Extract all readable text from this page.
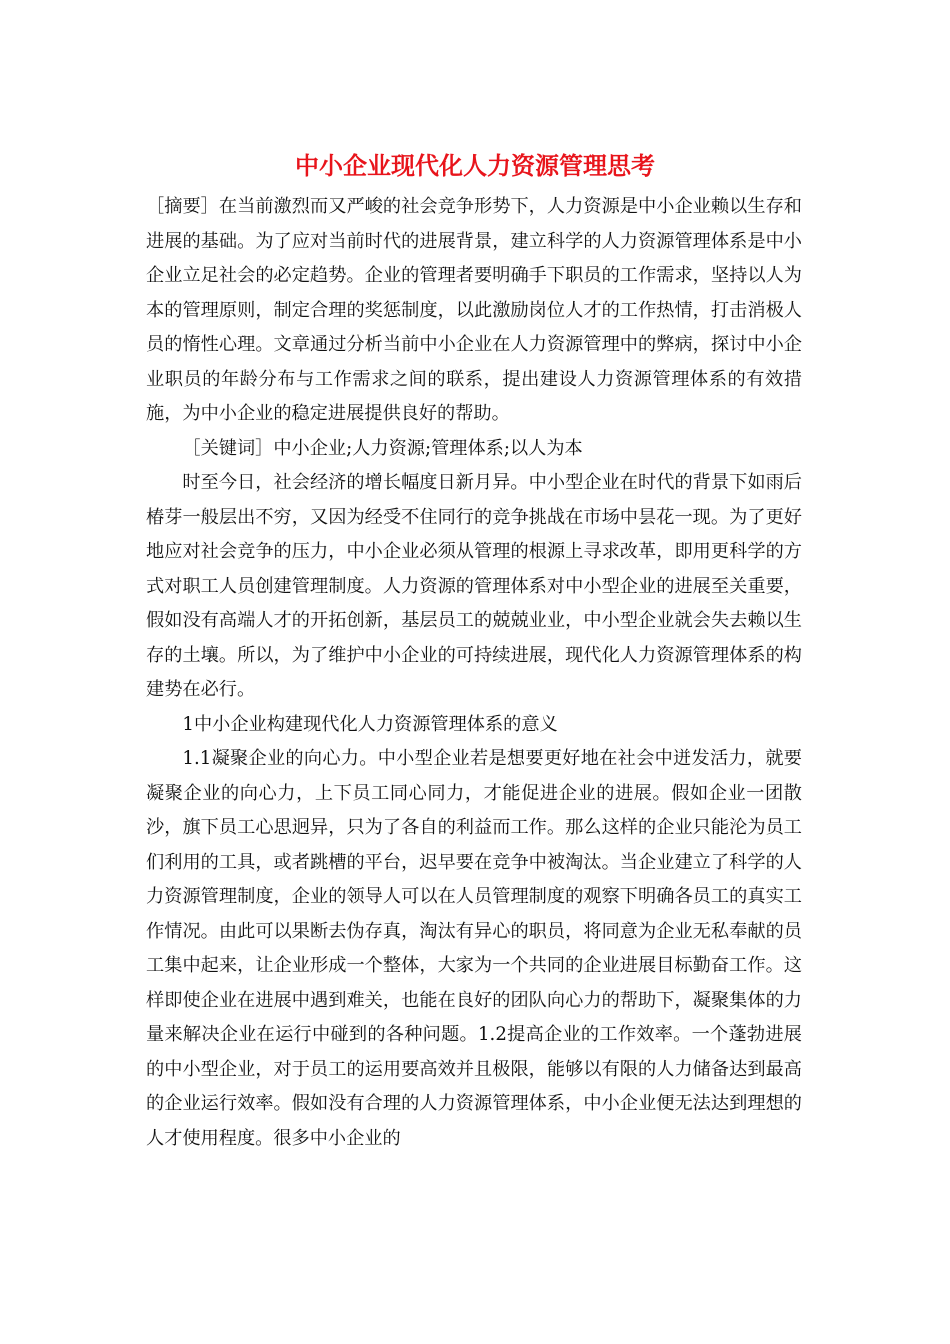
中小企业现代化人力资源管理思考

［摘要］在当前激烈而又严峻的社会竞争形势下，人力资源是中小企业赖以生存和进展的基础。为了应对当前时代的进展背景，建立科学的人力资源管理体系是中小企业立足社会的必定趋势。企业的管理者要明确手下职员的工作需求，坚持以人为本的管理原则，制定合理的奖惩制度，以此激励岗位人才的工作热情，打击消极人员的惰性心理。文章通过分析当前中小企业在人力资源管理中的弊病，探讨中小企业职员的年龄分布与工作需求之间的联系，提出建设人力资源管理体系的有效措施，为中小企业的稳定进展提供良好的帮助。

［关键词］中小企业;人力资源;管理体系;以人为本

时至今日，社会经济的增长幅度日新月异。中小型企业在时代的背景下如雨后椿芽一般层出不穷，又因为经受不住同行的竞争挑战在市场中昙花一现。为了更好地应对社会竞争的压力，中小企业必须从管理的根源上寻求改革，即用更科学的方式对职工人员创建管理制度。人力资源的管理体系对中小型企业的进展至关重要，假如没有高端人才的开拓创新，基层员工的兢兢业业，中小型企业就会失去赖以生存的土壤。所以，为了维护中小企业的可持续进展，现代化人力资源管理体系的构建势在必行。

1中小企业构建现代化人力资源管理体系的意义

1.1凝聚企业的向心力。中小型企业若是想要更好地在社会中迸发活力，就要凝聚企业的向心力，上下员工同心同力，才能促进企业的进展。假如企业一团散沙，旗下员工心思迥异，只为了各自的利益而工作。那么这样的企业只能沦为员工们利用的工具，或者跳槽的平台，迟早要在竞争中被淘汰。当企业建立了科学的人力资源管理制度，企业的领导人可以在人员管理制度的观察下明确各员工的真实工作情况。由此可以果断去伪存真，淘汰有异心的职员，将同意为企业无私奉献的员工集中起来，让企业形成一个整体，大家为一个共同的企业进展目标勤奋工作。这样即使企业在进展中遇到难关，也能在良好的团队向心力的帮助下，凝聚集体的力量来解决企业在运行中碰到的各种问题。1.2提高企业的工作效率。一个蓬勃进展的中小型企业，对于员工的运用要高效并且极限，能够以有限的人力储备达到最高的企业运行效率。假如没有合理的人力资源管理体系，中小企业便无法达到理想的人才使用程度。很多中小企业的
